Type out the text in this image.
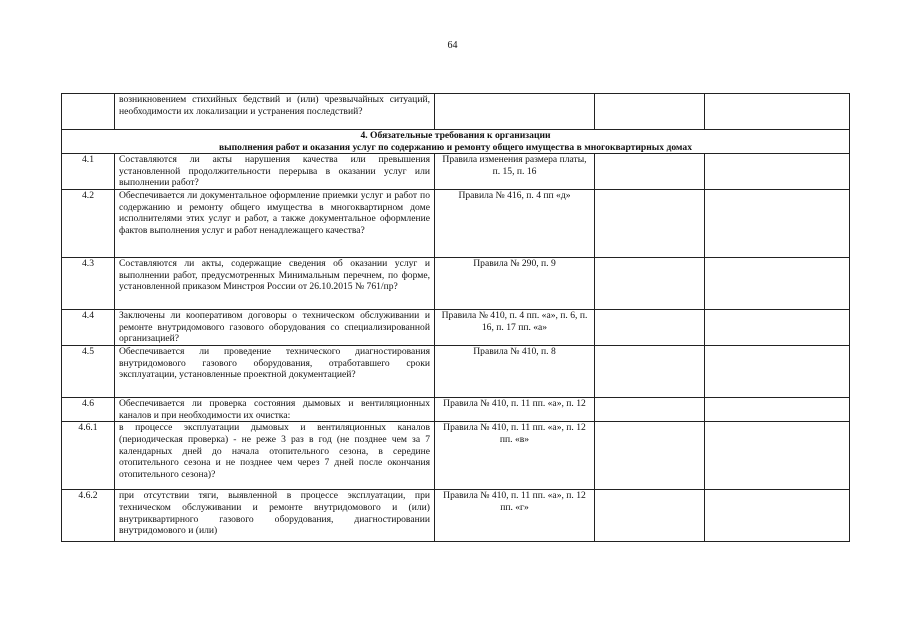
64
	возникновением стихийных бедствий и (или) чрезвычайных ситуаций, необходимости их локализации и устранения последствий?			

4. Обязательные требования к организации
выполнения работ и оказания услуг по содержанию и ремонту общего имущества в многоквартирных домах				

4.1	Составляются ли акты нарушения качества или превышения установленной продолжительности перерыва в оказании услуг или выполнении работ?	Правила изменения размера платы, п. 15, п. 16		
4.2	Обеспечивается ли документальное оформление приемки услуг и работ по содержанию и ремонту общего имущества в многоквартирном доме исполнителями этих услуг и работ, а также документальное оформление фактов выполнения услуг и работ ненадлежащего качества?	Правила № 416, п. 4 пп «д»		
4.3	Составляются ли акты, содержащие сведения об оказании услуг и выполнении работ, предусмотренных Минимальным перечнем, по форме, установленной приказом Минстроя России от 26.10.2015 № 761/пр?	Правила № 290, п. 9		
4.4	Заключены ли кооперативом договоры о техническом обслуживании и ремонте внутридомового газового оборудования со специализированной организацией?	Правила № 410, п. 4 пп. «а», п. 6, п. 16, п. 17 пп. «а»		
4.5	Обеспечивается ли проведение технического диагностирования внутридомового газового оборудования, отработавшего сроки эксплуатации, установленные проектной документацией?	Правила № 410, п. 8		
4.6	Обеспечивается ли проверка состояния дымовых и вентиляционных каналов и при необходимости их очистка:	Правила № 410, п. 11 пп. «а», п. 12		
4.6.1	в процессе эксплуатации дымовых и вентиляционных каналов (периодическая проверка) - не реже 3 раз в год (не позднее чем за 7 календарных дней до начала отопительного сезона, в середине отопительного сезона и не позднее чем через 7 дней после окончания отопительного сезона)?	Правила № 410, п. 11 пп. «а», п. 12 пп. «в»		
4.6.2	при отсутствии тяги, выявленной в процессе эксплуатации, при техническом обслуживании и ремонте внутридомового и (или) внутриквартирного газового оборудования, диагностировании внутридомового и (или)	Правила № 410, п. 11 пп. «а», п. 12 пп. «г»		
